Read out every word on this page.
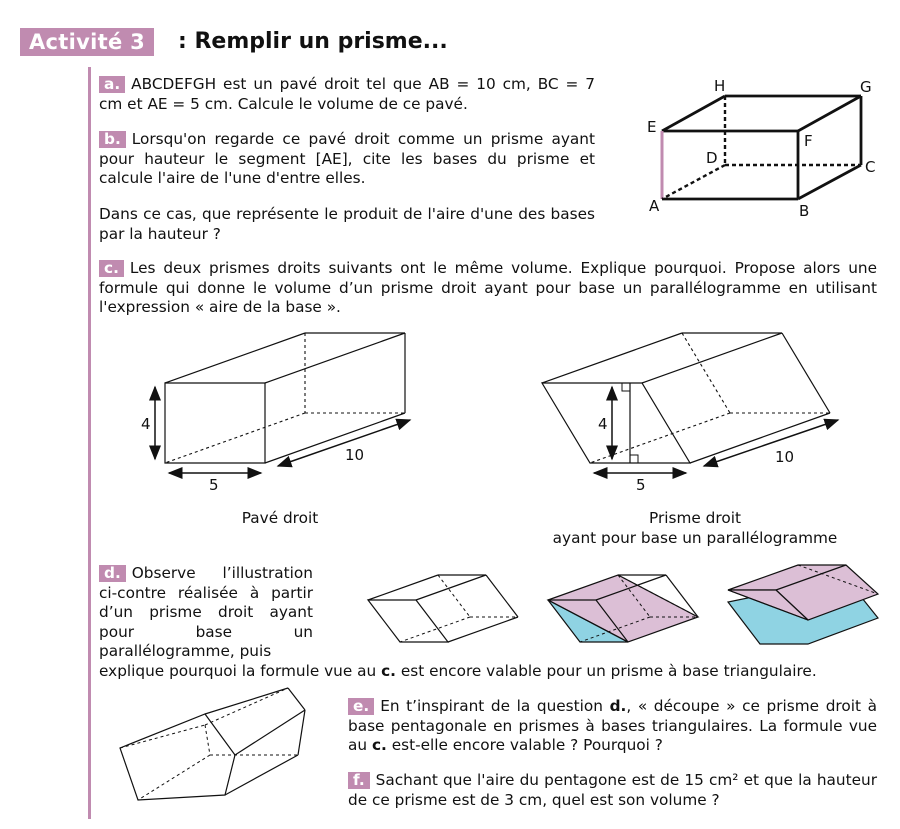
Activité 3	: Remplir un prisme...
a. ABCDEFGH est un pavé droit tel que AB = 10 cm, BC = 7 cm et AE = 5 cm. Calcule le volume de ce pavé.
b. Lorsqu'on regarde ce pavé droit comme un prisme ayant pour hauteur le segment [AE], cite les bases du prisme et calcule l'aire de l'une d'entre elles.
Dans ce cas, que représente le produit de l'aire d'une des bases par la hauteur ?
H	G
E
F
D	C
A	B
c. Les deux prismes droits suivants ont le même volume. Explique pourquoi. Propose alors une formule qui donne le volume d’un prisme droit ayant pour base un parallélogramme en utilisant l'expression « aire de la base ».
4
5
10
Pavé droit
4
5
10
Prisme droit
ayant pour base un parallélogramme
d. Observe l’illustration ci-contre réalisée à partir d’un prisme droit ayant pour base un parallélogramme, puis
explique pourquoi la formule vue au c. est encore valable pour un prisme à base triangulaire.
e. En t’inspirant de la question d., « découpe » ce prisme droit à base pentagonale en prismes à bases triangulaires. La formule vue au c. est-elle encore valable ? Pourquoi ?
f. Sachant que l'aire du pentagone est de 15 cm² et que la hauteur de ce prisme est de 3 cm, quel est son volume ?
